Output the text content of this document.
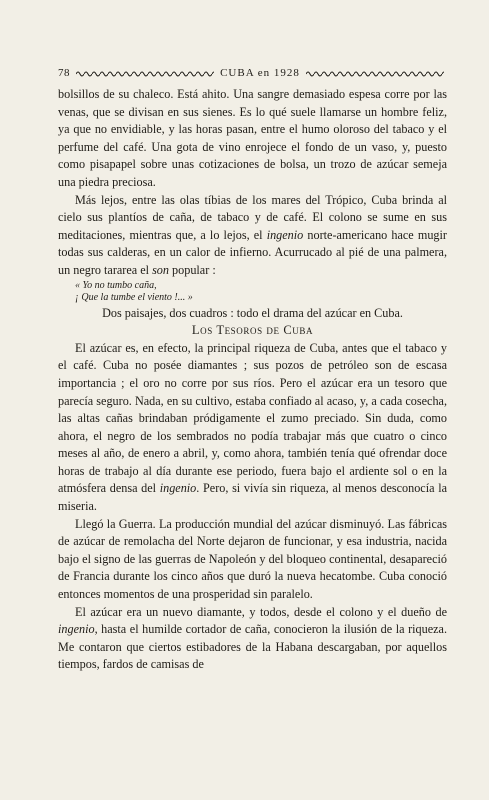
78	CUBA en 1928

bolsillos de su chaleco. Está ahito. Una sangre demasiado espesa corre por las venas, que se divisan en sus sienes. Es lo qué suele llamarse un hombre feliz, ya que no envidiable, y las horas pasan, entre el humo oloroso del tabaco y el perfume del café. Una gota de vino enrojece el fondo de un vaso, y, puesto como pisapapel sobre unas cotizaciones de bolsa, un trozo de azúcar semeja una piedra preciosa.

Más lejos, entre las olas tíbias de los mares del Trópico, Cuba brinda al cielo sus plantíos de caña, de tabaco y de café. El colono se sume en sus meditaciones, mientras que, a lo lejos, el ingenio norte-americano hace mugir todas sus calderas, en un calor de infierno. Acurrucado al pié de una palmera, un negro tararea el son popular :

« Yo no tumbo caña,

¡ Que la tumbe el viento !... »

Dos paisajes, dos cuadros : todo el drama del azúcar en Cuba.

Los Tesoros de Cuba

El azúcar es, en efecto, la principal riqueza de Cuba, antes que el tabaco y el café. Cuba no posée diamantes ; sus pozos de petróleo son de escasa importancia ; el oro no corre por sus ríos. Pero el azúcar era un tesoro que parecía seguro. Nada, en su cultivo, estaba confiado al acaso, y, a cada cosecha, las altas cañas brindaban pródigamente el zumo preciado. Sin duda, como ahora, el negro de los sembrados no podía trabajar más que cuatro o cinco meses al año, de enero a abril, y, como ahora, también tenía qué ofrendar doce horas de trabajo al día durante ese periodo, fuera bajo el ardiente sol o en la atmósfera densa del ingenio. Pero, si vivía sin riqueza, al menos desconocía la miseria.

Llegó la Guerra. La producción mundial del azúcar disminuyó. Las fábricas de azúcar de remolacha del Norte dejaron de funcionar, y esa industria, nacida bajo el signo de las guerras de Napoleón y del bloqueo continental, desapareció de Francia durante los cinco años que duró la nueva hecatombe. Cuba conoció entonces momentos de una prosperidad sin paralelo.

El azúcar era un nuevo diamante, y todos, desde el colono y el dueño de ingenio, hasta el humilde cortador de caña, conocieron la ilusión de la riqueza. Me contaron que ciertos estibadores de la Habana descargaban, por aquellos tiempos, fardos de camisas de
